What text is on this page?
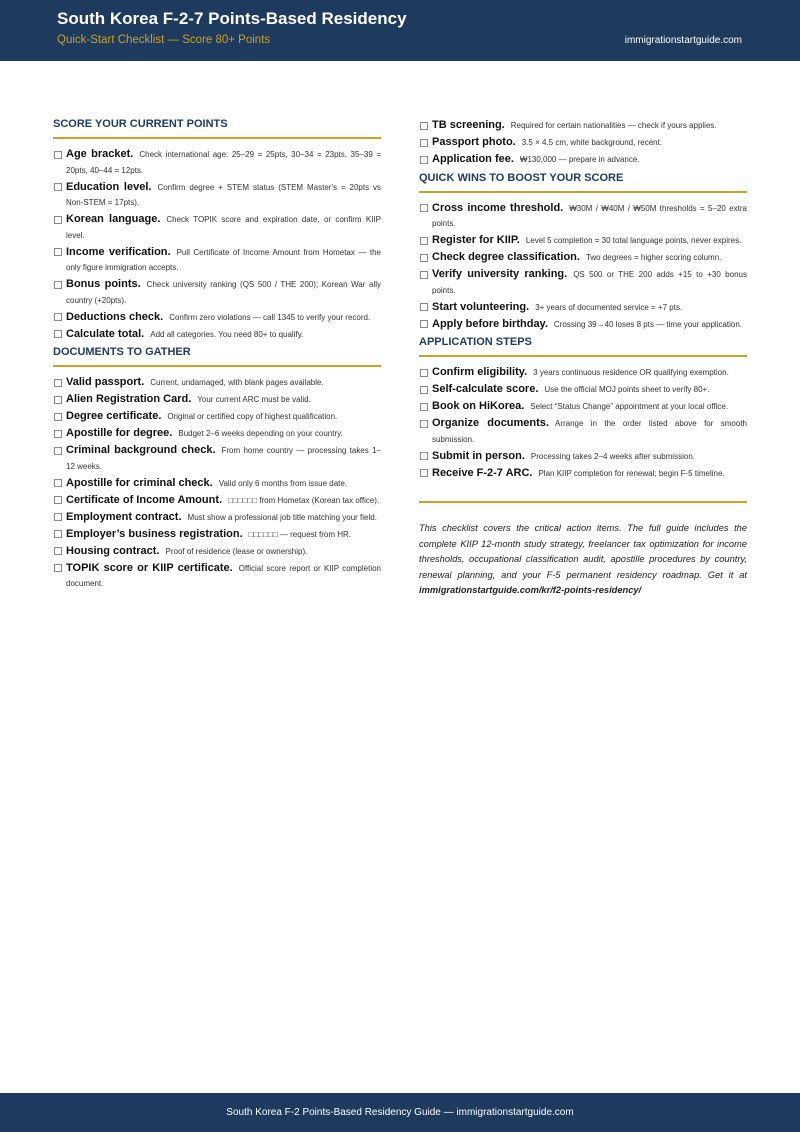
South Korea F-2-7 Points-Based Residency
Quick-Start Checklist — Score 80+ Points	immigrationstartguide.com
SCORE YOUR CURRENT POINTS
Age bracket. Check international age: 25–29 = 25pts, 30–34 = 23pts, 35–39 = 20pts, 40–44 = 12pts.
Education level. Confirm degree + STEM status (STEM Master's = 20pts vs Non-STEM = 17pts).
Korean language. Check TOPIK score and expiration date, or confirm KIIP level.
Income verification. Pull Certificate of Income Amount from Hometax — the only figure immigration accepts.
Bonus points. Check university ranking (QS 500 / THE 200); Korean War ally country (+20pts).
Deductions check. Confirm zero violations — call 1345 to verify your record.
Calculate total. Add all categories. You need 80+ to qualify.
DOCUMENTS TO GATHER
Valid passport. Current, undamaged, with blank pages available.
Alien Registration Card. Your current ARC must be valid.
Degree certificate. Original or certified copy of highest qualification.
Apostille for degree. Budget 2–6 weeks depending on your country.
Criminal background check. From home country — processing takes 1–12 weeks.
Apostille for criminal check. Valid only 6 months from issue date.
Certificate of Income Amount. □□□□□□ from Hometax (Korean tax office).
Employment contract. Must show a professional job title matching your field.
Employer’s business registration. □□□□□□ — request from HR.
Housing contract. Proof of residence (lease or ownership).
TOPIK score or KIIP certificate. Official score report or KIIP completion document.
TB screening. Required for certain nationalities — check if yours applies.
Passport photo. 3.5 × 4.5 cm, white background, recent.
Application fee. ₩130,000 — prepare in advance.
QUICK WINS TO BOOST YOUR SCORE
Cross income threshold. ₩30M / ₩40M / ₩50M thresholds = 5–20 extra points.
Register for KIIP. Level 5 completion = 30 total language points, never expires.
Check degree classification. Two degrees = higher scoring column.
Verify university ranking. QS 500 or THE 200 adds +15 to +30 bonus points.
Start volunteering. 3+ years of documented service = +7 pts.
Apply before birthday. Crossing 39→40 loses 8 pts — time your application.
APPLICATION STEPS
Confirm eligibility. 3 years continuous residence OR qualifying exemption.
Self-calculate score. Use the official MOJ points sheet to verify 80+.
Book on HiKorea. Select “Status Change” appointment at your local office.
Organize documents. Arrange in the order listed above for smooth submission.
Submit in person. Processing takes 2–4 weeks after submission.
Receive F-2-7 ARC. Plan KIIP completion for renewal; begin F-5 timeline.
This checklist covers the critical action items. The full guide includes the complete KIIP 12-month study strategy, freelancer tax optimization for income thresholds, occupational classification audit, apostille procedures by country, renewal planning, and your F-5 permanent residency roadmap. Get it at immigrationstartguide.com/kr/f2-points-residency/
South Korea F-2 Points-Based Residency Guide — immigrationstartguide.com
